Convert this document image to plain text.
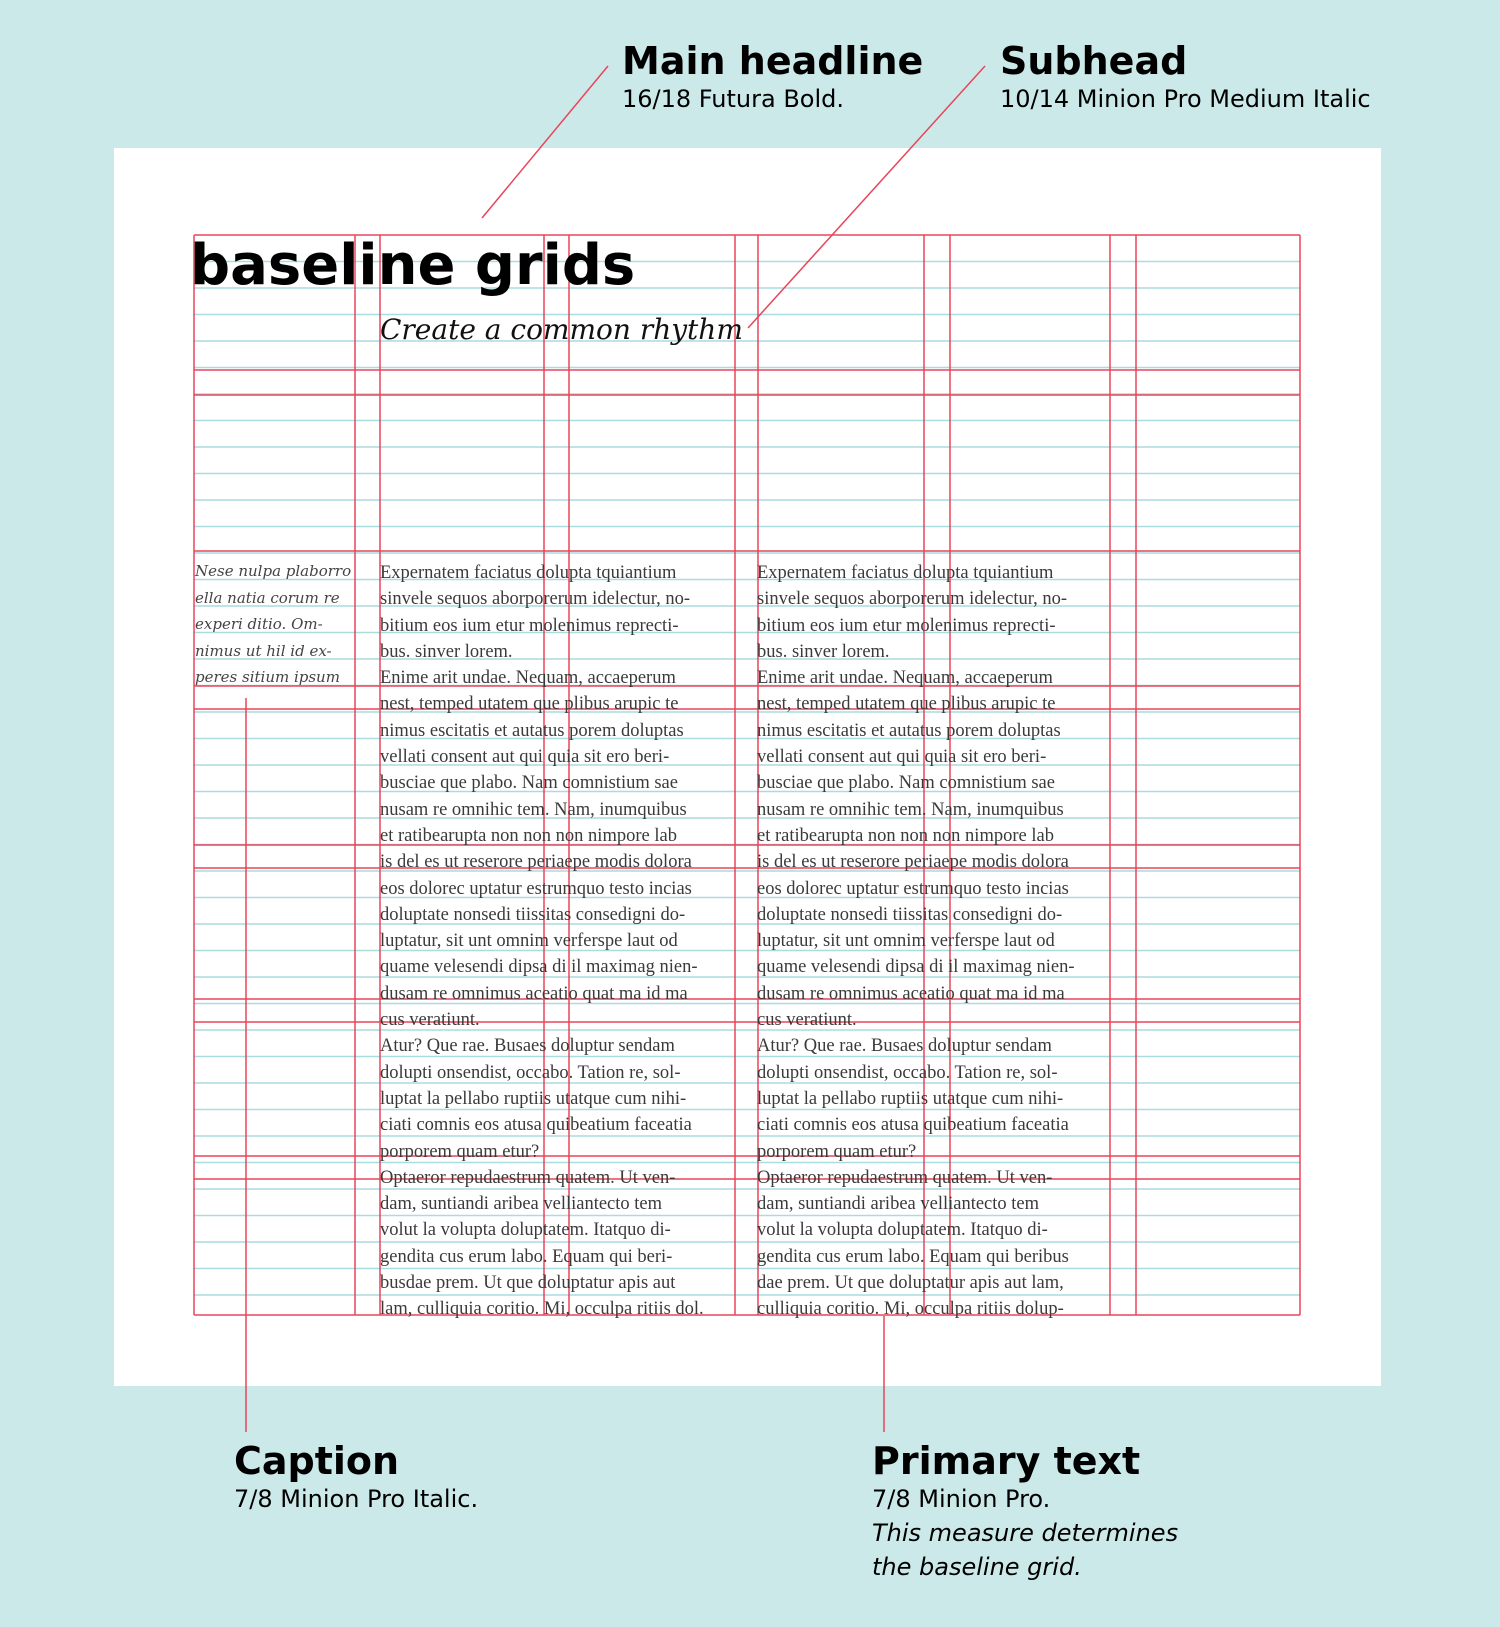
baseline grids
Create a common rhythm
Nese nulpa plaborro
ella natia corum re
experi ditio. Om-
nimus ut hil id ex-
peres sitium ipsum
Expernatem faciatus dolupta tquiantium
sinvele sequos aborporerum idelectur, no-
bitium eos ium etur molenimus reprecti-
bus. sinver lorem.
Enime arit undae. Nequam, accaeperum
nest, temped utatem que plibus arupic te
nimus escitatis et autatus porem doluptas
vellati consent aut qui quia sit ero beri-
busciae que plabo. Nam comnistium sae
nusam re omnihic tem. Nam, inumquibus
et ratibearupta non non non nimpore lab
is del es ut reserore periaepe modis dolora
eos dolorec uptatur estrumquo testo incias
doluptate nonsedi tiissitas consedigni do-
luptatur, sit unt omnim verferspe laut od
quame velesendi dipsa di il maximag nien-
dusam re omnimus aceatio quat ma id ma
cus veratiunt.
Atur? Que rae. Busaes doluptur sendam
dolupti onsendist, occabo. Tation re, sol-
luptat la pellabo ruptiis utatque cum nihi-
ciati comnis eos atusa quibeatium faceatia
porporem quam etur?
Optaeror repudaestrum quatem. Ut ven-
dam, suntiandi aribea velliantecto tem
volut la volupta doluptatem. Itatquo di-
gendita cus erum labo. Equam qui beri-
busdae prem. Ut que doluptatur apis aut
lam, culliquia coritio. Mi, occulpa ritiis dol.
Expernatem faciatus dolupta tquiantium
sinvele sequos aborporerum idelectur, no-
bitium eos ium etur molenimus reprecti-
bus. sinver lorem.
Enime arit undae. Nequam, accaeperum
nest, temped utatem que plibus arupic te
nimus escitatis et autatus porem doluptas
vellati consent aut qui quia sit ero beri-
busciae que plabo. Nam comnistium sae
nusam re omnihic tem. Nam, inumquibus
et ratibearupta non non non nimpore lab
is del es ut reserore periaepe modis dolora
eos dolorec uptatur estrumquo testo incias
doluptate nonsedi tiissitas consedigni do-
luptatur, sit unt omnim verferspe laut od
quame velesendi dipsa di il maximag nien-
dusam re omnimus aceatio quat ma id ma
cus veratiunt.
Atur? Que rae. Busaes doluptur sendam
dolupti onsendist, occabo. Tation re, sol-
luptat la pellabo ruptiis utatque cum nihi-
ciati comnis eos atusa quibeatium faceatia
porporem quam etur?
Optaeror repudaestrum quatem. Ut ven-
dam, suntiandi aribea velliantecto tem
volut la volupta doluptatem. Itatquo di-
gendita cus erum labo. Equam qui beribus
dae prem. Ut que doluptatur apis aut lam,
culliquia coritio. Mi, occulpa ritiis dolup-
Main headline
16/18 Futura Bold.
Subhead
10/14 Minion Pro Medium Italic
Caption
7/8 Minion Pro Italic.
Primary text
7/8 Minion Pro.
This measure determines
the baseline grid.
